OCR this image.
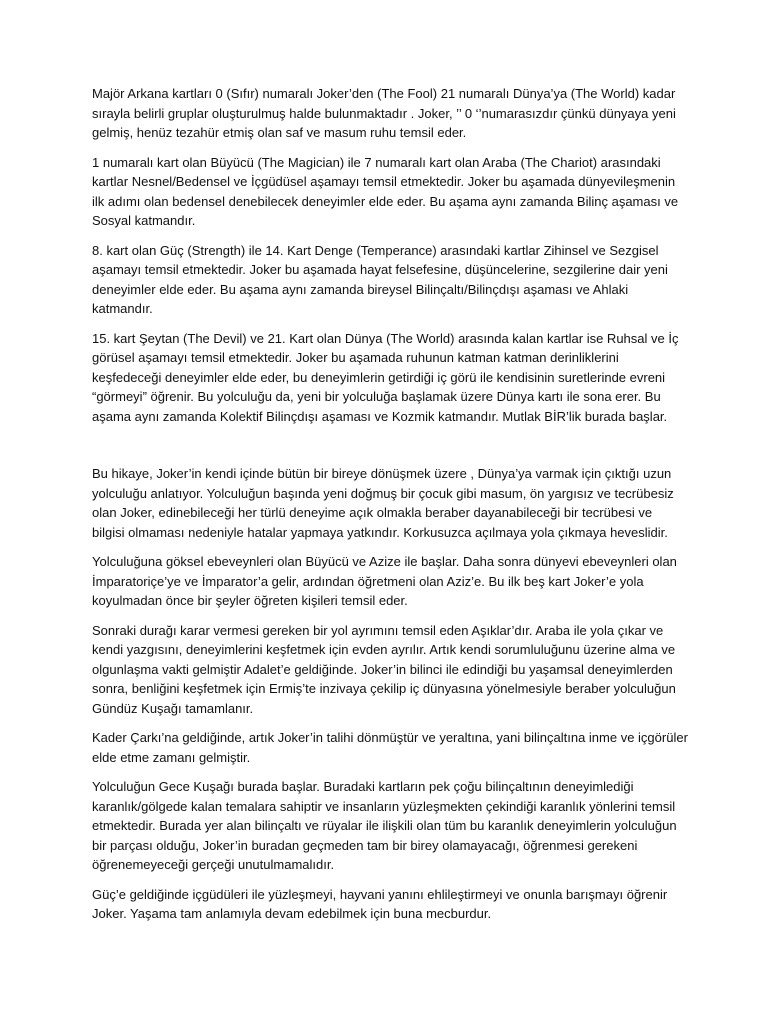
Majör Arkana kartları 0 (Sıfır) numaralı Joker’den (The Fool) 21 numaralı Dünya’ya (The World) kadar sırayla belirli gruplar oluşturulmuş halde bulunmaktadır . Joker, ’’ 0 ‘’numarasızdır çünkü dünyaya yeni gelmiş, henüz tezahür etmiş olan saf ve masum ruhu temsil eder.

1 numaralı kart olan Büyücü (The Magician) ile 7 numaralı kart olan Araba (The Chariot) arasındaki kartlar Nesnel/Bedensel ve İçgüdüsel aşamayı temsil etmektedir. Joker bu aşamada dünyevileşmenin ilk adımı olan bedensel denebilecek deneyimler elde eder. Bu aşama aynı zamanda Bilinç aşaması ve Sosyal katmandır.

8. kart olan Güç (Strength) ile 14. Kart Denge (Temperance) arasındaki kartlar Zihinsel ve Sezgisel aşamayı temsil etmektedir. Joker bu aşamada hayat felsefesine, düşüncelerine, sezgilerine dair yeni deneyimler elde eder. Bu aşama aynı zamanda bireysel Bilinçaltı/Bilinçdışı aşaması ve Ahlaki katmandır.

15. kart Şeytan (The Devil) ve 21. Kart olan Dünya (The World) arasında kalan kartlar ise Ruhsal ve İç görüsel aşamayı temsil etmektedir. Joker bu aşamada ruhunun katman katman derinliklerini keşfedeceği deneyimler elde eder, bu deneyimlerin getirdiği iç görü ile kendisinin suretlerinde evreni “görmeyi” öğrenir. Bu yolculuğu da, yeni bir yolculuğa başlamak üzere Dünya kartı ile sona erer. Bu aşama aynı zamanda Kolektif Bilinçdışı aşaması ve Kozmik katmandır. Mutlak BİR’lik burada başlar.

Bu hikaye, Joker’in kendi içinde bütün bir bireye dönüşmek üzere , Dünya’ya varmak için çıktığı uzun yolculuğu anlatıyor. Yolculuğun başında yeni doğmuş bir çocuk gibi masum, ön yargısız ve tecrübesiz olan Joker, edinebileceği her türlü deneyime açık olmakla beraber dayanabileceği bir tecrübesi ve bilgisi olmaması nedeniyle hatalar yapmaya yatkındır. Korkusuzca açılmaya yola çıkmaya heveslidir.

Yolculuğuna göksel ebeveynleri olan Büyücü ve Azize ile başlar. Daha sonra dünyevi ebeveynleri olan İmparatoriçe’ye ve İmparator’a gelir, ardından öğretmeni olan Aziz’e. Bu ilk beş kart Joker’e yola koyulmadan önce bir şeyler öğreten kişileri temsil eder.

Sonraki durağı karar vermesi gereken bir yol ayrımını temsil eden Aşıklar’dır. Araba ile yola çıkar ve kendi yazgısını, deneyimlerini keşfetmek için evden ayrılır. Artık kendi sorumluluğunu üzerine alma ve olgunlaşma vakti gelmiştir Adalet’e geldiğinde. Joker’in bilinci ile edindiği bu yaşamsal deneyimlerden sonra, benliğini keşfetmek için Ermiş’te inzivaya çekilip iç dünyasına yönelmesiyle beraber yolculuğun Gündüz Kuşağı tamamlanır.

Kader Çarkı’na geldiğinde, artık Joker’in talihi dönmüştür ve yeraltına, yani bilinçaltına inme ve içgörüler elde etme zamanı gelmiştir.

Yolculuğun Gece Kuşağı burada başlar. Buradaki kartların pek çoğu bilinçaltının deneyimlediği karanlık/gölgede kalan temalara sahiptir ve insanların yüzleşmekten çekindiği karanlık yönlerini temsil etmektedir. Burada yer alan bilinçaltı ve rüyalar ile ilişkili olan tüm bu karanlık deneyimlerin yolculuğun bir parçası olduğu, Joker’in buradan geçmeden tam bir birey olamayacağı, öğrenmesi gerekeni öğrenemeyeceği gerçeği unutulmamalıdır.

Güç’e geldiğinde içgüdüleri ile yüzleşmeyi, hayvani yanını ehlileştirmeyi ve onunla barışmayı öğrenir Joker. Yaşama tam anlamıyla devam edebilmek için buna mecburdur.
